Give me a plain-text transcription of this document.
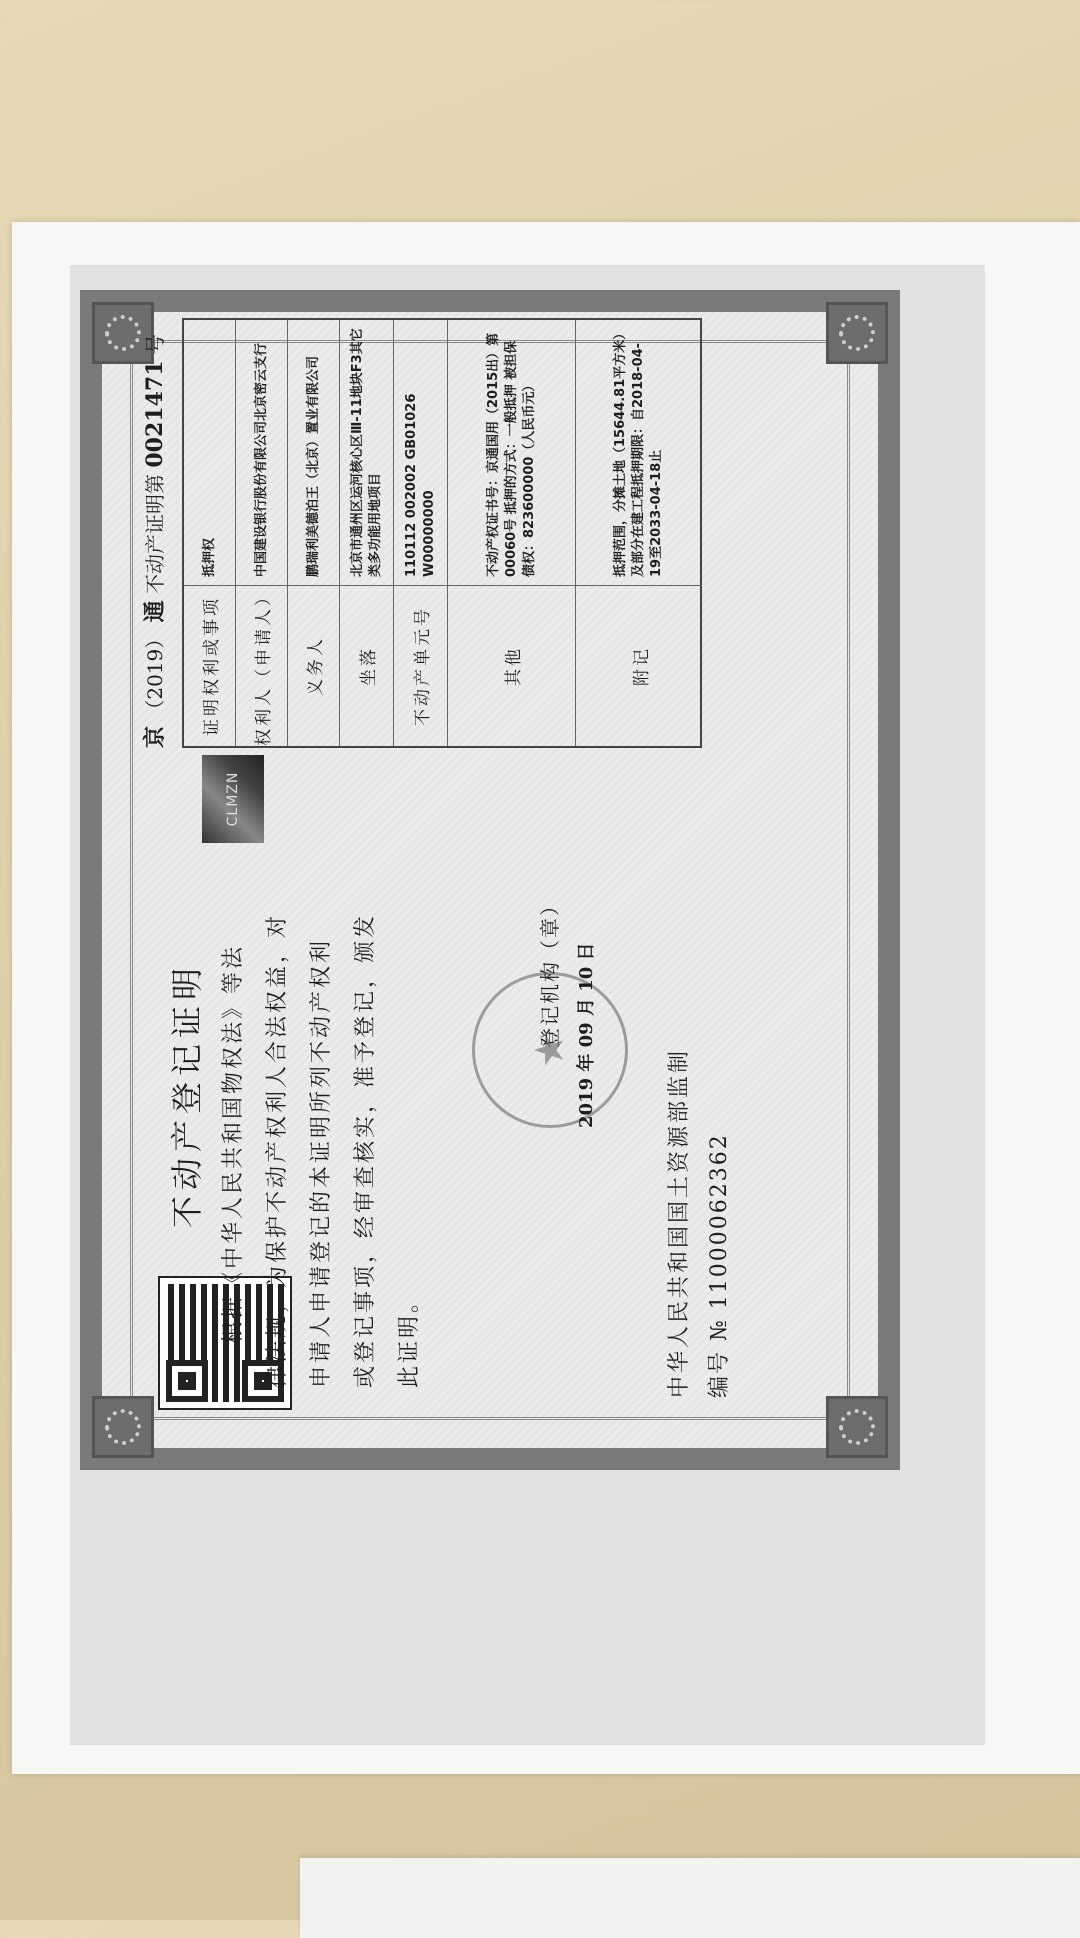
不动产登记证明
CLMZN

根据《中华人民共和国物权法》等法 律法规，为保护不动产权利人合法权益，对 申请人申请登记的本证明所列不动产权利 或登记事项，经审查核实，准予登记，颁发 此证明。

★
登记机构（章） 2019 年 09 月 10 日
中华人民共和国国土资源部监制 编号 № 11000062362
京 （2019） 通 不动产证明第 0021471 号
证明权利或事项
抵押权
权利人（申请人）
中国建设银行股份有限公司北京密云支行
义务人
鹏瑞利美德泊王（北京）置业有限公司
坐落
北京市通州区运河核心区Ⅲ-11地块F3其它类多功能用地项目
不动产单元号
110112 002002 GB01026 W00000000
其他
不动产权证书号：京通国用（2015出）第00060号 抵押的方式：一般抵押 被担保债权：823600000（人民币元）
附记
抵押范围，分摊土地（15644.81平方米）及部分在建工程抵押期限：自2018-04-19至2033-04-18止
